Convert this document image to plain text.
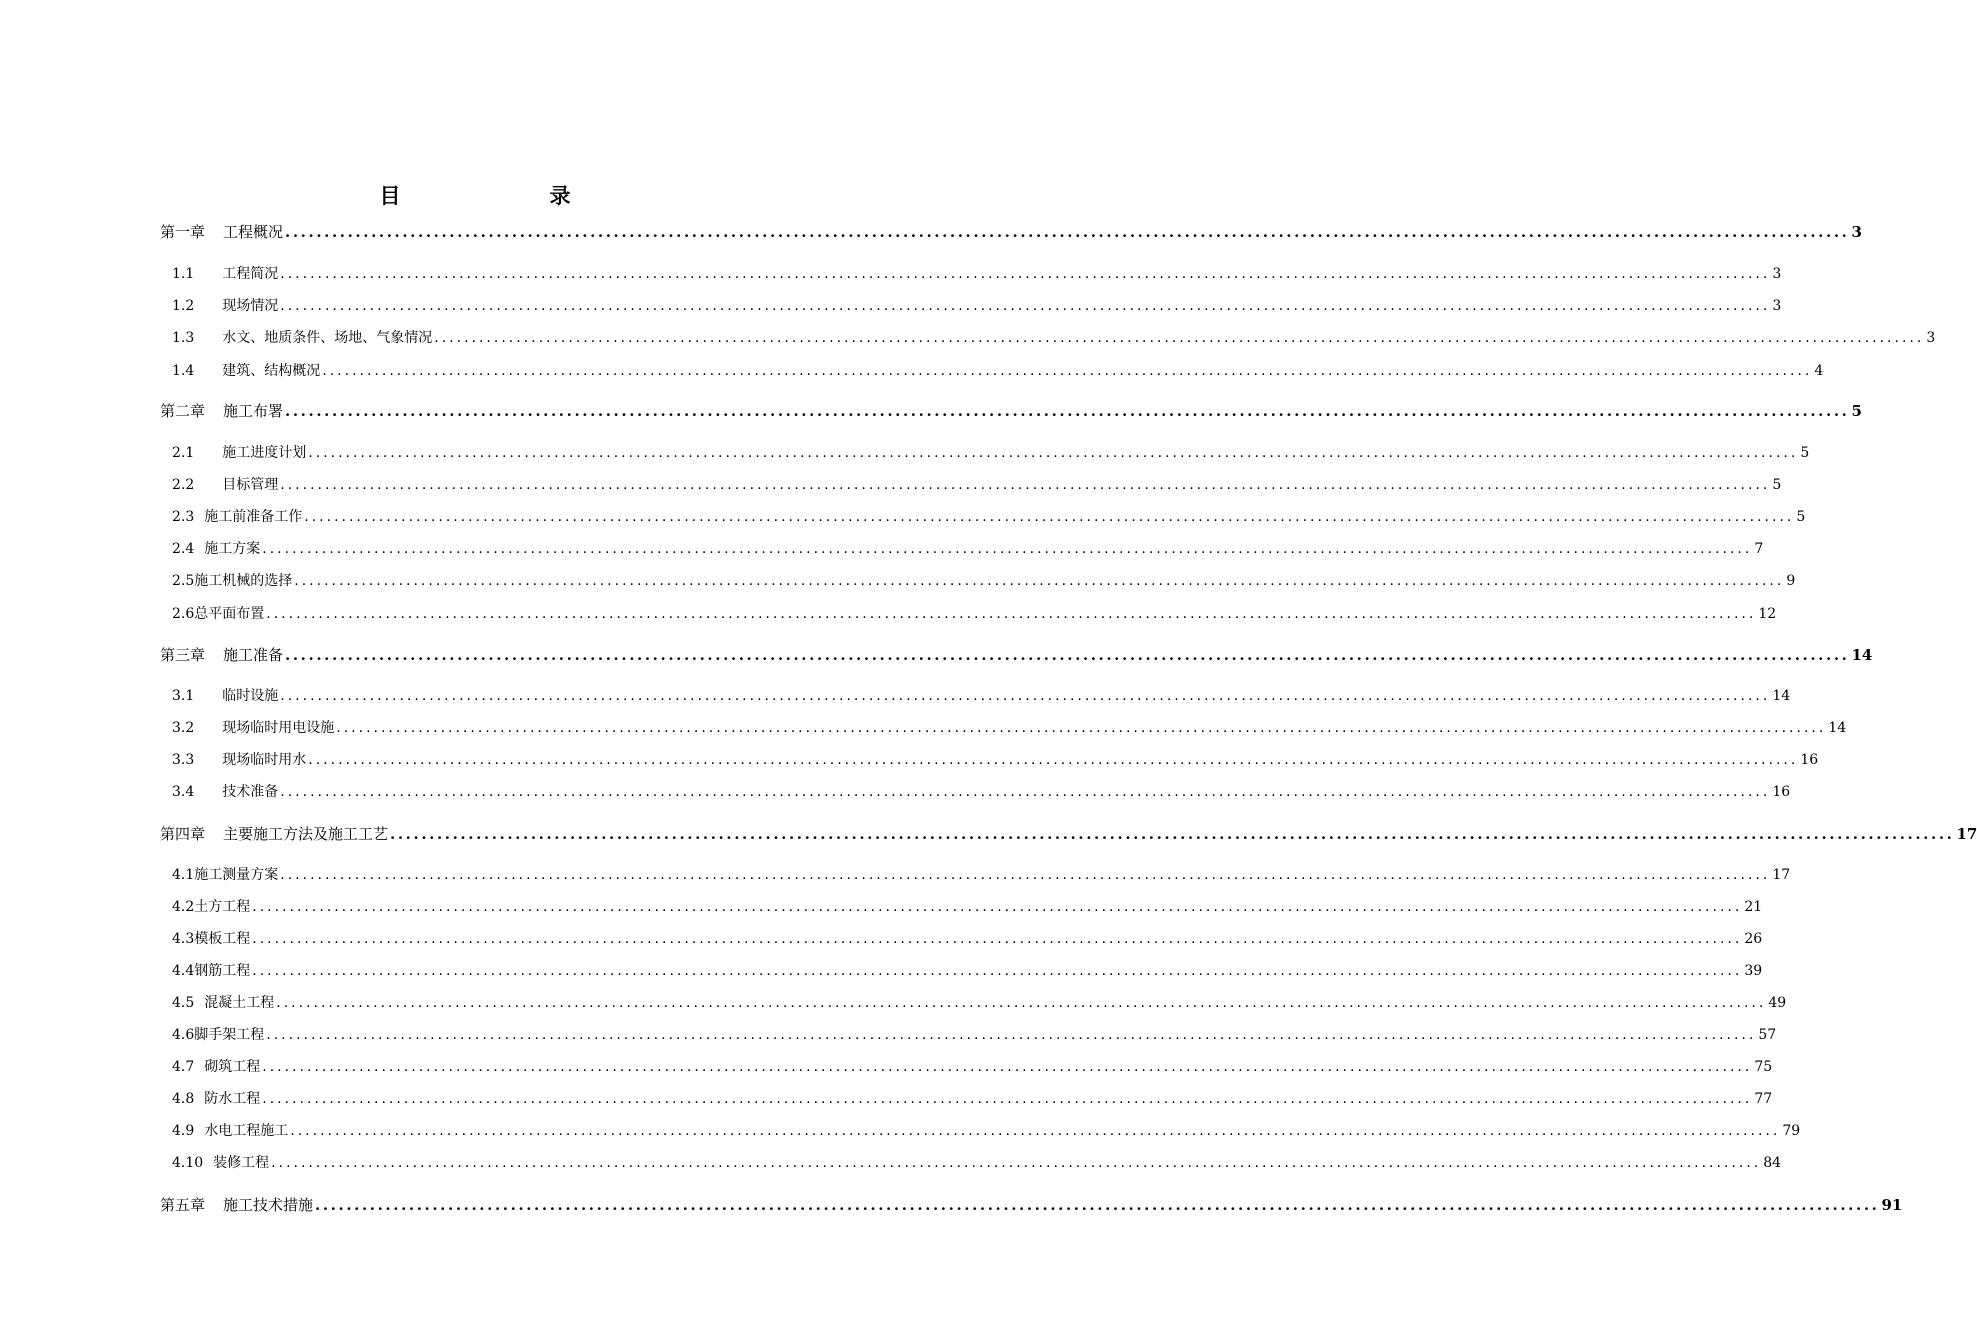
目　录
第一章 工程概况 ........................................................................................................................................................................................................ 3
1.1 工程简况 ........................................................................................................................................................................................................ 3
1.2 现场情况 ........................................................................................................................................................................................................ 3
1.3 水文、地质条件、场地、气象情况 ........................................................................................................................................................................................................ 3
1.4 建筑、结构概况 ........................................................................................................................................................................................................ 4
第二章 施工布署 ........................................................................................................................................................................................................ 5
2.1 施工进度计划 ........................................................................................................................................................................................................ 5
2.2 目标管理 ........................................................................................................................................................................................................ 5
2.3 施工前准备工作 ........................................................................................................................................................................................................ 5
2.4 施工方案 ........................................................................................................................................................................................................ 7
2.5施工机械的选择 ........................................................................................................................................................................................................ 9
2.6总平面布置 ........................................................................................................................................................................................................ 12
第三章 施工准备 ........................................................................................................................................................................................................ 14
3.1 临时设施 ........................................................................................................................................................................................................ 14
3.2 现场临时用电设施 ........................................................................................................................................................................................................ 14
3.3 现场临时用水 ........................................................................................................................................................................................................ 16
3.4 技术准备 ........................................................................................................................................................................................................ 16
第四章 主要施工方法及施工工艺 ........................................................................................................................................................................................................ 17
4.1施工测量方案 ........................................................................................................................................................................................................ 17
4.2土方工程 ........................................................................................................................................................................................................ 21
4.3模板工程 ........................................................................................................................................................................................................ 26
4.4钢筋工程 ........................................................................................................................................................................................................ 39
4.5 混凝土工程 ........................................................................................................................................................................................................ 49
4.6脚手架工程 ........................................................................................................................................................................................................ 57
4.7 砌筑工程 ........................................................................................................................................................................................................ 75
4.8 防水工程 ........................................................................................................................................................................................................ 77
4.9 水电工程施工 ........................................................................................................................................................................................................ 79
4.10 装修工程 ........................................................................................................................................................................................................ 84
第五章 施工技术措施 ........................................................................................................................................................................................................ 91
